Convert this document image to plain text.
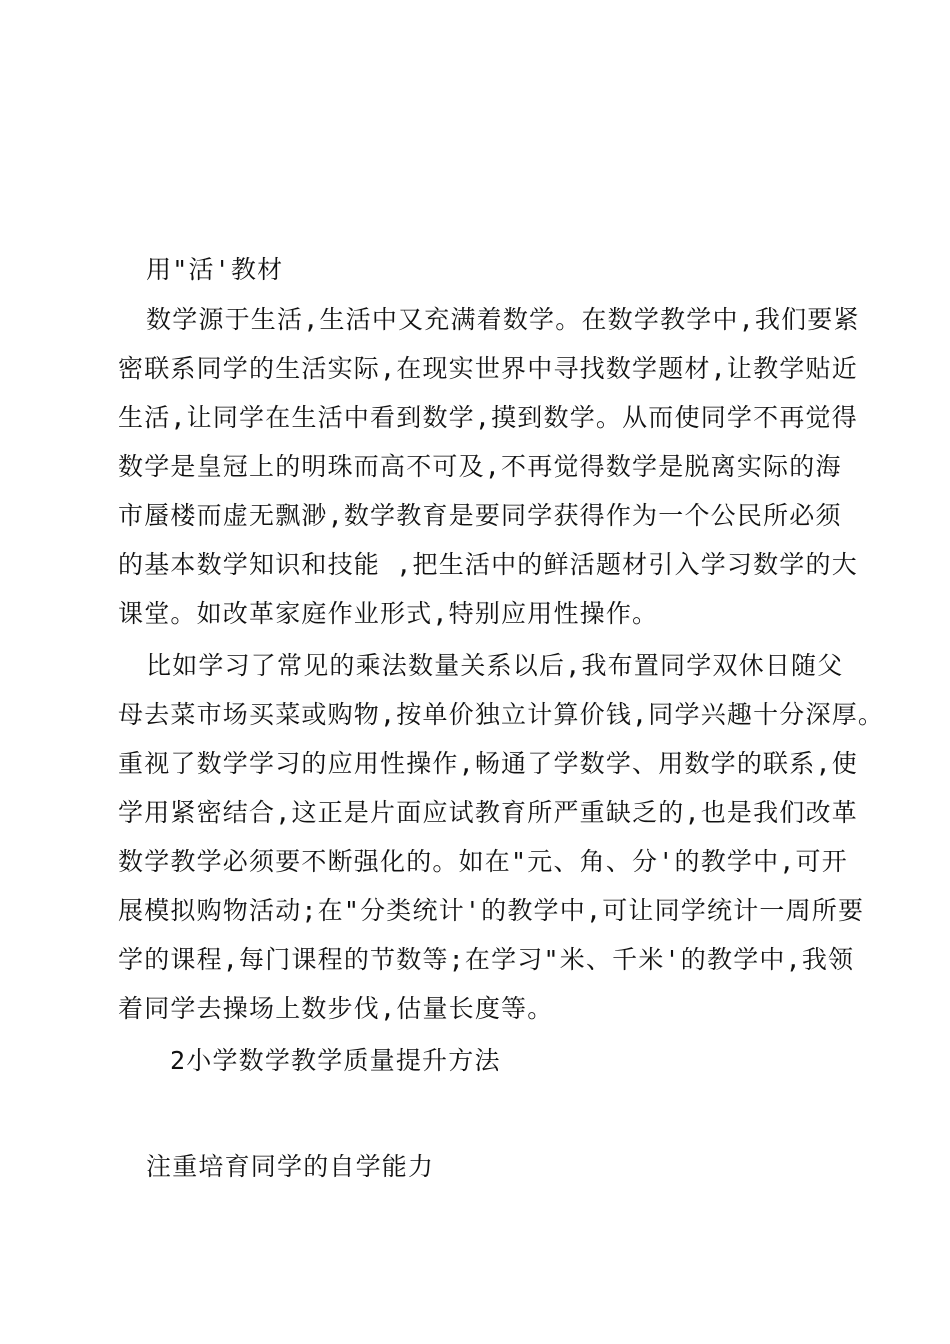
用"活'教材
数学源于生活,生活中又充满着数学。在数学教学中,我们要紧
密联系同学的生活实际,在现实世界中寻找数学题材,让教学贴近
生活,让同学在生活中看到数学,摸到数学。从而使同学不再觉得
数学是皇冠上的明珠而高不可及,不再觉得数学是脱离实际的海
市蜃楼而虚无飘渺,数学教育是要同学获得作为一个公民所必须
的基本数学知识和技能 ,把生活中的鲜活题材引入学习数学的大
课堂。如改革家庭作业形式,特别应用性操作。
比如学习了常见的乘法数量关系以后,我布置同学双休日随父
母去菜市场买菜或购物,按单价独立计算价钱,同学兴趣十分深厚。
重视了数学学习的应用性操作,畅通了学数学、用数学的联系,使
学用紧密结合,这正是片面应试教育所严重缺乏的,也是我们改革
数学教学必须要不断强化的。如在"元、角、分'的教学中,可开
展模拟购物活动;在"分类统计'的教学中,可让同学统计一周所要
学的课程,每门课程的节数等;在学习"米、千米'的教学中,我领
着同学去操场上数步伐,估量长度等。
2小学数学教学质量提升方法
注重培育同学的自学能力
